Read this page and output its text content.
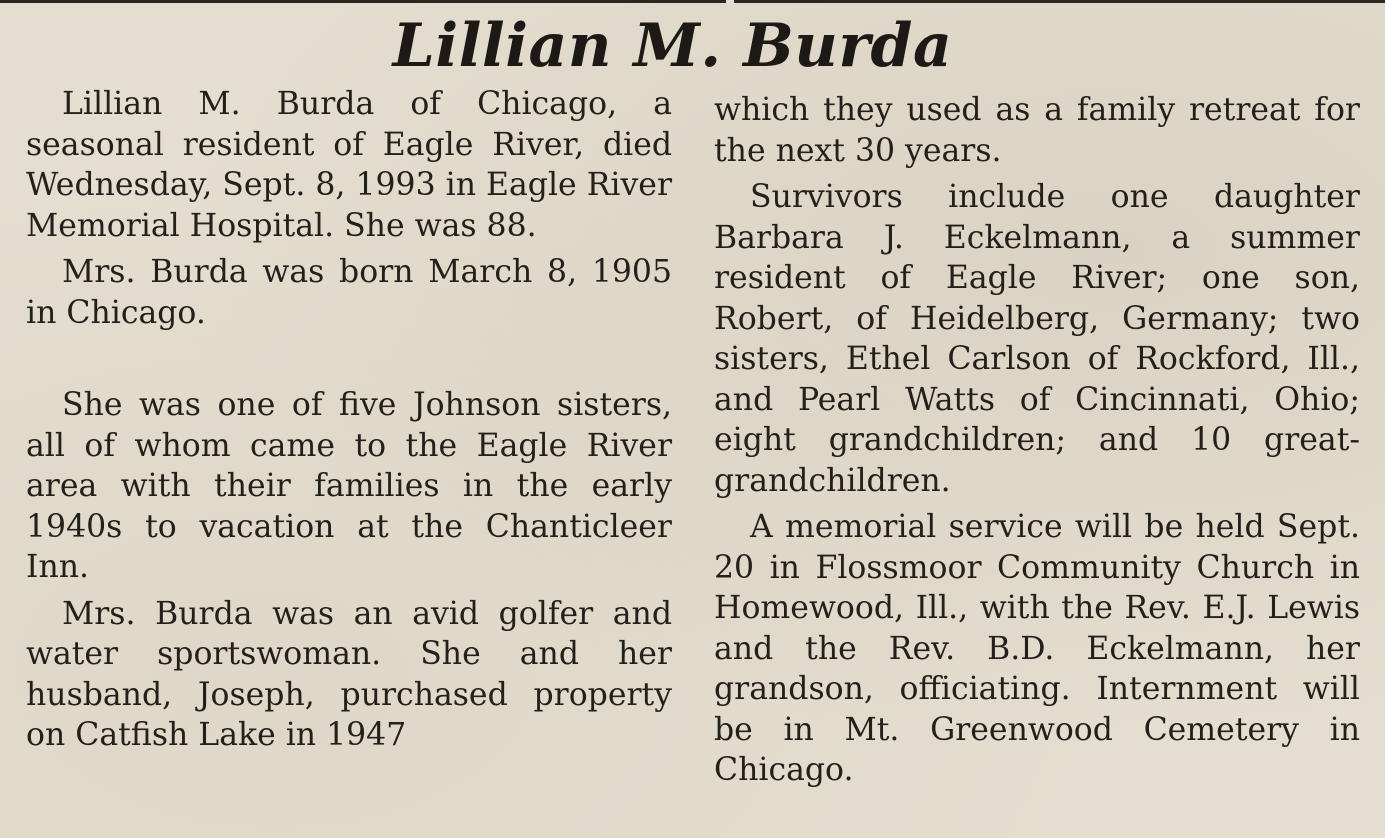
Lillian M. Burda

Lillian M. Burda of Chicago, a seasonal resident of Eagle River, died Wednesday, Sept. 8, 1993 in Eagle River Memorial Hospital. She was 88.

Mrs. Burda was born March 8, 1905 in Chicago.

She was one of five Johnson sisters, all of whom came to the Eagle River area with their families in the early 1940s to vacation at the Chanticleer Inn.

Mrs. Burda was an avid golfer and water sportswoman. She and her husband, Joseph, purchased property on Catfish Lake in 1947

which they used as a family retreat for the next 30 years.

Survivors include one daughter Barbara J. Eckelmann, a summer resident of Eagle River; one son, Robert, of Heidelberg, Germany; two sisters, Ethel Carlson of Rockford, Ill., and Pearl Watts of Cincinnati, Ohio; eight grandchildren; and 10 great-grandchildren.

A memorial service will be held Sept. 20 in Flossmoor Community Church in Homewood, Ill., with the Rev. E.J. Lewis and the Rev. B.D. Eckelmann, her grandson, officiating. Internment will be in Mt. Greenwood Cemetery in Chicago.
